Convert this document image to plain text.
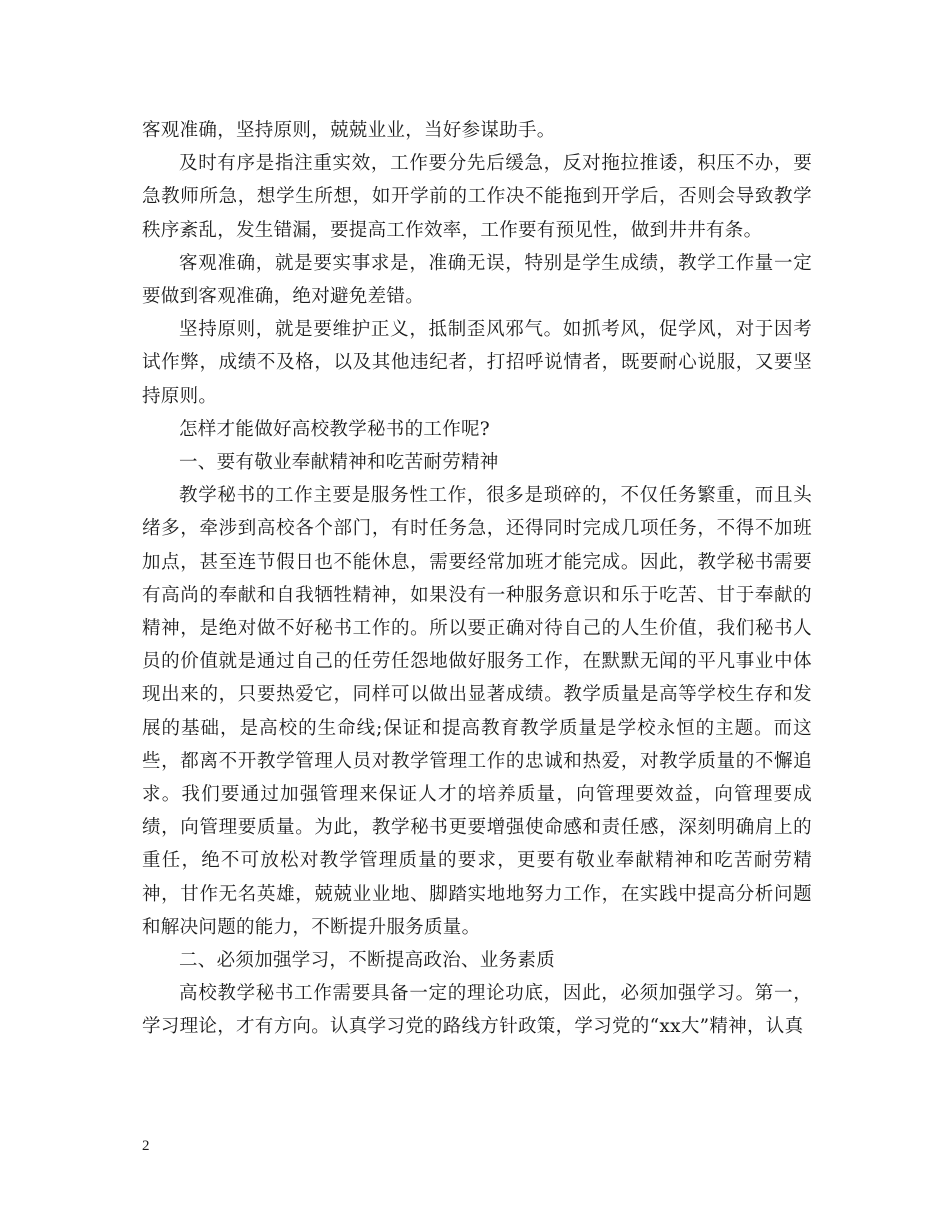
客观准确，坚持原则，兢兢业业，当好参谋助手。

及时有序是指注重实效，工作要分先后缓急，反对拖拉推诿，积压不办，要急教师所急，想学生所想，如开学前的工作决不能拖到开学后，否则会导致教学秩序紊乱，发生错漏，要提高工作效率，工作要有预见性，做到井井有条。

客观准确，就是要实事求是，准确无误，特别是学生成绩，教学工作量一定要做到客观准确，绝对避免差错。

坚持原则，就是要维护正义，抵制歪风邪气。如抓考风，促学风，对于因考试作弊，成绩不及格，以及其他违纪者，打招呼说情者，既要耐心说服，又要坚持原则。

怎样才能做好高校教学秘书的工作呢?

一、要有敬业奉献精神和吃苦耐劳精神

教学秘书的工作主要是服务性工作，很多是琐碎的，不仅任务繁重，而且头绪多，牵涉到高校各个部门，有时任务急，还得同时完成几项任务，不得不加班加点，甚至连节假日也不能休息，需要经常加班才能完成。因此，教学秘书需要有高尚的奉献和自我牺牲精神，如果没有一种服务意识和乐于吃苦、甘于奉献的精神，是绝对做不好秘书工作的。所以要正确对待自己的人生价值，我们秘书人员的价值就是通过自己的任劳任怨地做好服务工作，在默默无闻的平凡事业中体现出来的，只要热爱它，同样可以做出显著成绩。教学质量是高等学校生存和发展的基础，是高校的生命线;保证和提高教育教学质量是学校永恒的主题。而这些，都离不开教学管理人员对教学管理工作的忠诚和热爱，对教学质量的不懈追求。我们要通过加强管理来保证人才的培养质量，向管理要效益，向管理要成绩，向管理要质量。为此，教学秘书更要增强使命感和责任感，深刻明确肩上的重任，绝不可放松对教学管理质量的要求，更要有敬业奉献精神和吃苦耐劳精神，甘作无名英雄，兢兢业业地、脚踏实地地努力工作，在实践中提高分析问题和解决问题的能力，不断提升服务质量。

二、必须加强学习，不断提高政治、业务素质

高校教学秘书工作需要具备一定的理论功底，因此，必须加强学习。第一，学习理论，才有方向。认真学习党的路线方针政策，学习党的“xx大”精神，认真

2
